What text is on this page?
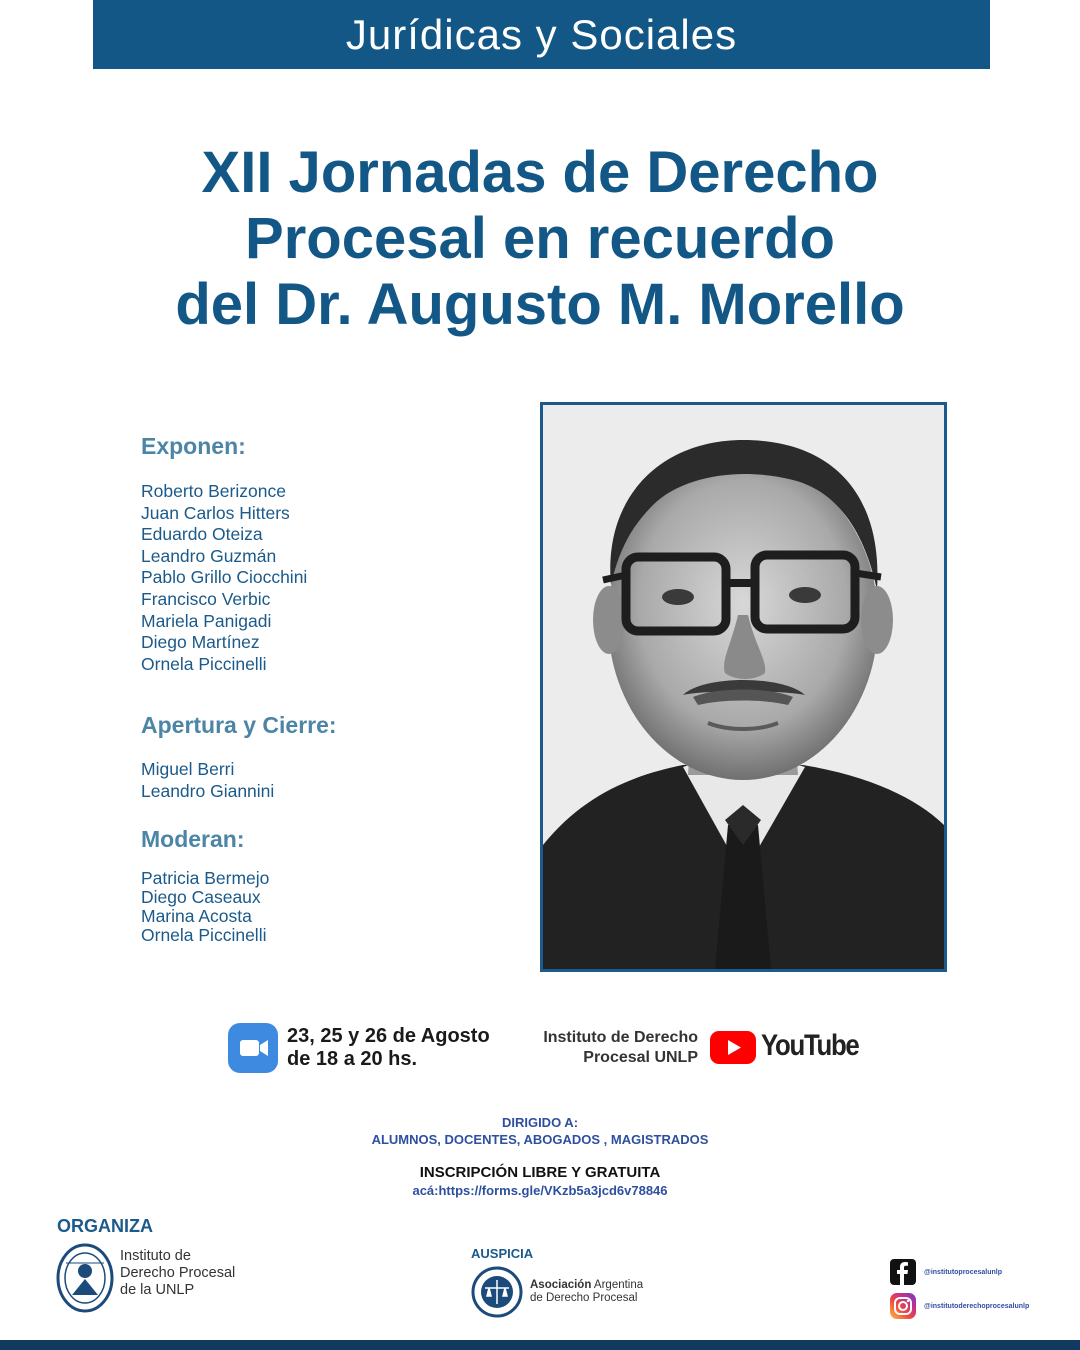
Jurídicas y Sociales
XII Jornadas de Derecho
Procesal en recuerdo
del Dr. Augusto M. Morello
Exponen:
Roberto Berizonce
Juan Carlos Hitters
Eduardo Oteiza
Leandro Guzmán
Pablo Grillo Ciocchini
Francisco Verbic
Mariela Panigadi
Diego Martínez
Ornela Piccinelli
Apertura y Cierre:
Miguel Berri
Leandro Giannini
Moderan:
Patricia Bermejo
Diego Caseaux
Marina Acosta
Ornela Piccinelli
23, 25 y 26 de Agosto
de 18 a 20 hs.
Instituto de Derecho
Procesal UNLP YouTube
DIRIGIDO A:
ALUMNOS, DOCENTES, ABOGADOS , MAGISTRADOS
INSCRIPCIÓN LIBRE Y GRATUITA
acá:https://forms.gle/VKzb5a3jcd6v78846
ORGANIZA
Instituto de
Derecho Procesal
de la UNLP
AUSPICIA
Asociación Argentina
de Derecho Procesal
@institutoprocesalunlp
@institutoderechoprocesalunlp
